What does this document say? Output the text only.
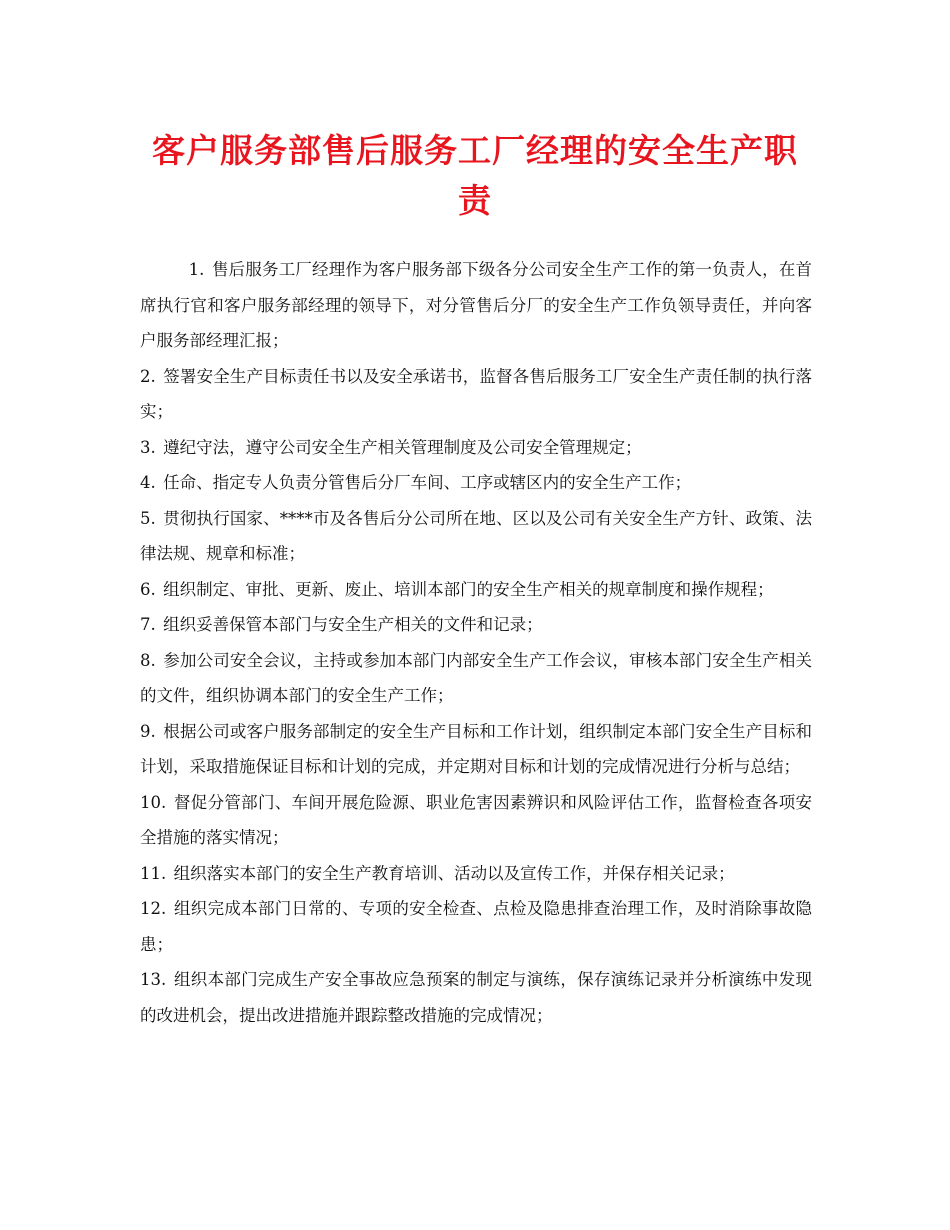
客户服务部售后服务工厂经理的安全生产职责

1. 售后服务工厂经理作为客户服务部下级各分公司安全生产工作的第一负责人，在首席执行官和客户服务部经理的领导下，对分管售后分厂的安全生产工作负领导责任，并向客户服务部经理汇报；

2. 签署安全生产目标责任书以及安全承诺书，监督各售后服务工厂安全生产责任制的执行落实；

3. 遵纪守法，遵守公司安全生产相关管理制度及公司安全管理规定；

4. 任命、指定专人负责分管售后分厂车间、工序或辖区内的安全生产工作；

5. 贯彻执行国家、****市及各售后分公司所在地、区以及公司有关安全生产方针、政策、法律法规、规章和标准；

6. 组织制定、审批、更新、废止、培训本部门的安全生产相关的规章制度和操作规程；

7. 组织妥善保管本部门与安全生产相关的文件和记录；

8. 参加公司安全会议，主持或参加本部门内部安全生产工作会议，审核本部门安全生产相关的文件，组织协调本部门的安全生产工作；

9. 根据公司或客户服务部制定的安全生产目标和工作计划，组织制定本部门安全生产目标和计划，采取措施保证目标和计划的完成，并定期对目标和计划的完成情况进行分析与总结；

10. 督促分管部门、车间开展危险源、职业危害因素辨识和风险评估工作，监督检查各项安全措施的落实情况；

11. 组织落实本部门的安全生产教育培训、活动以及宣传工作，并保存相关记录；

12. 组织完成本部门日常的、专项的安全检查、点检及隐患排查治理工作，及时消除事故隐患；

13. 组织本部门完成生产安全事故应急预案的制定与演练，保存演练记录并分析演练中发现的改进机会，提出改进措施并跟踪整改措施的完成情况；
